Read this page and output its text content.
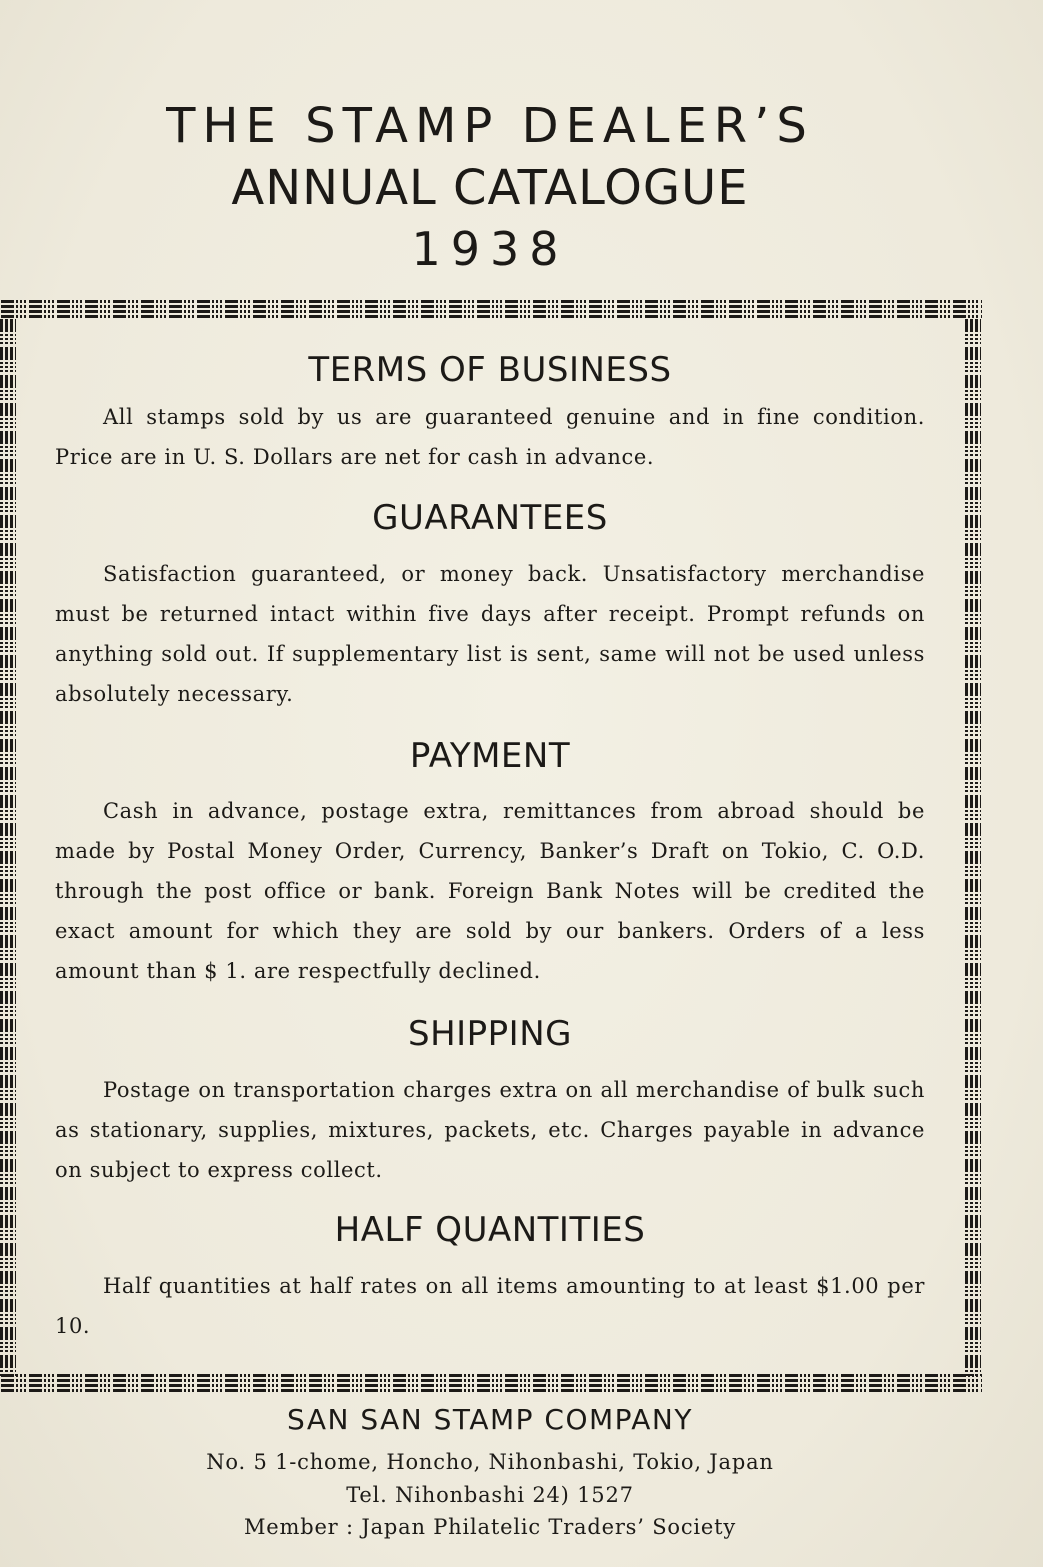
THE STAMP DEALER’S
ANNUAL CATALOGUE
1938
TERMS OF BUSINESS
All stamps sold by us are guaranteed genuine and in fine condition. Price are in U. S. Dollars are net for cash in advance.
GUARANTEES
Satisfaction guaranteed, or money back. Unsatisfactory merchandise must be returned intact within five days after receipt. Prompt refunds on anything sold out. If supplementary list is sent, same will not be used unless absolutely necessary.
PAYMENT
Cash in advance, postage extra, remittances from abroad should be made by Postal Money Order, Currency, Banker’s Draft on Tokio, C. O.D. through the post office or bank. Foreign Bank Notes will be credited the exact amount for which they are sold by our bankers. Orders of a less amount than $ 1. are respectfully declined.
SHIPPING
Postage on transportation charges extra on all merchandise of bulk such as stationary, supplies, mixtures, packets, etc. Charges payable in advance on subject to express collect.
HALF QUANTITIES
Half quantities at half rates on all items amounting to at least $1.00 per 10.
SAN SAN STAMP COMPANY
No. 5 1-chome, Honcho, Nihonbashi, Tokio, Japan
Tel. Nihonbashi 24) 1527
Member : Japan Philatelic Traders’ Society
